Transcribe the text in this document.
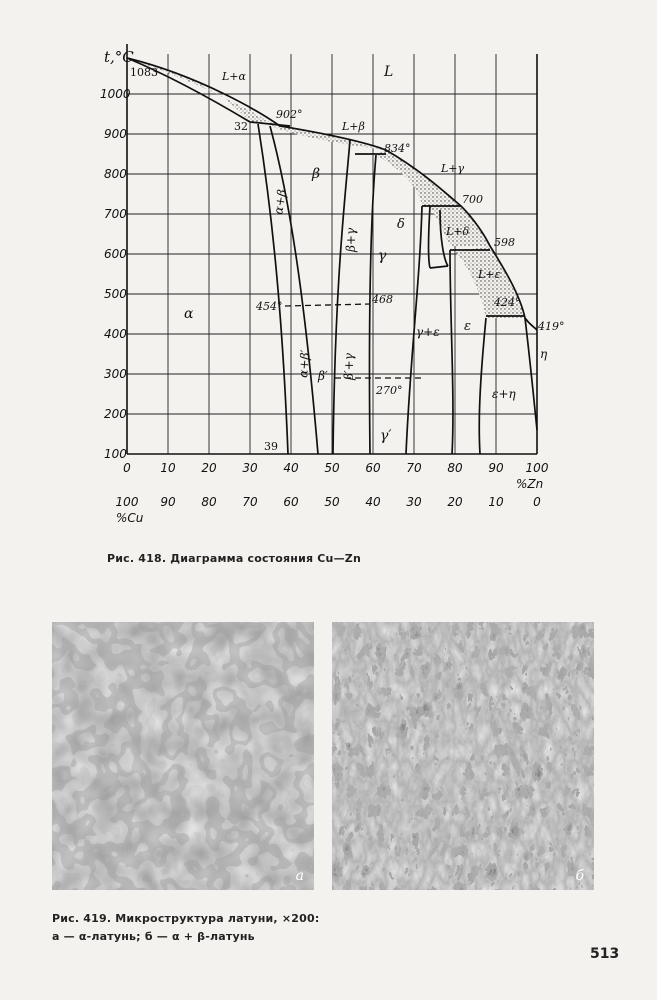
t,°C
1000
900
800
700
600
500
400
300
200
100
0 10 20 30 40 50 60 70 80 90 100
100 90 80 70 60 50 40 30 20 10 0
%Zn
%Cu
L
L+α
L+β
L+γ
L+δ
L+ε
α
β
γ
δ
ε
η
α+β
β+γ
α+β′ β′ β′+γ
γ+ε
ε+η
γ′
1083
902°
834°
700
598
424°
419°
454°
468
270°
32
39
Рис. 418. Диаграмма состояния Cu—Zn
а	б
Рис. 419. Микроструктура латуни, ×200:
а — α-латунь; б — α + β-латунь
513
